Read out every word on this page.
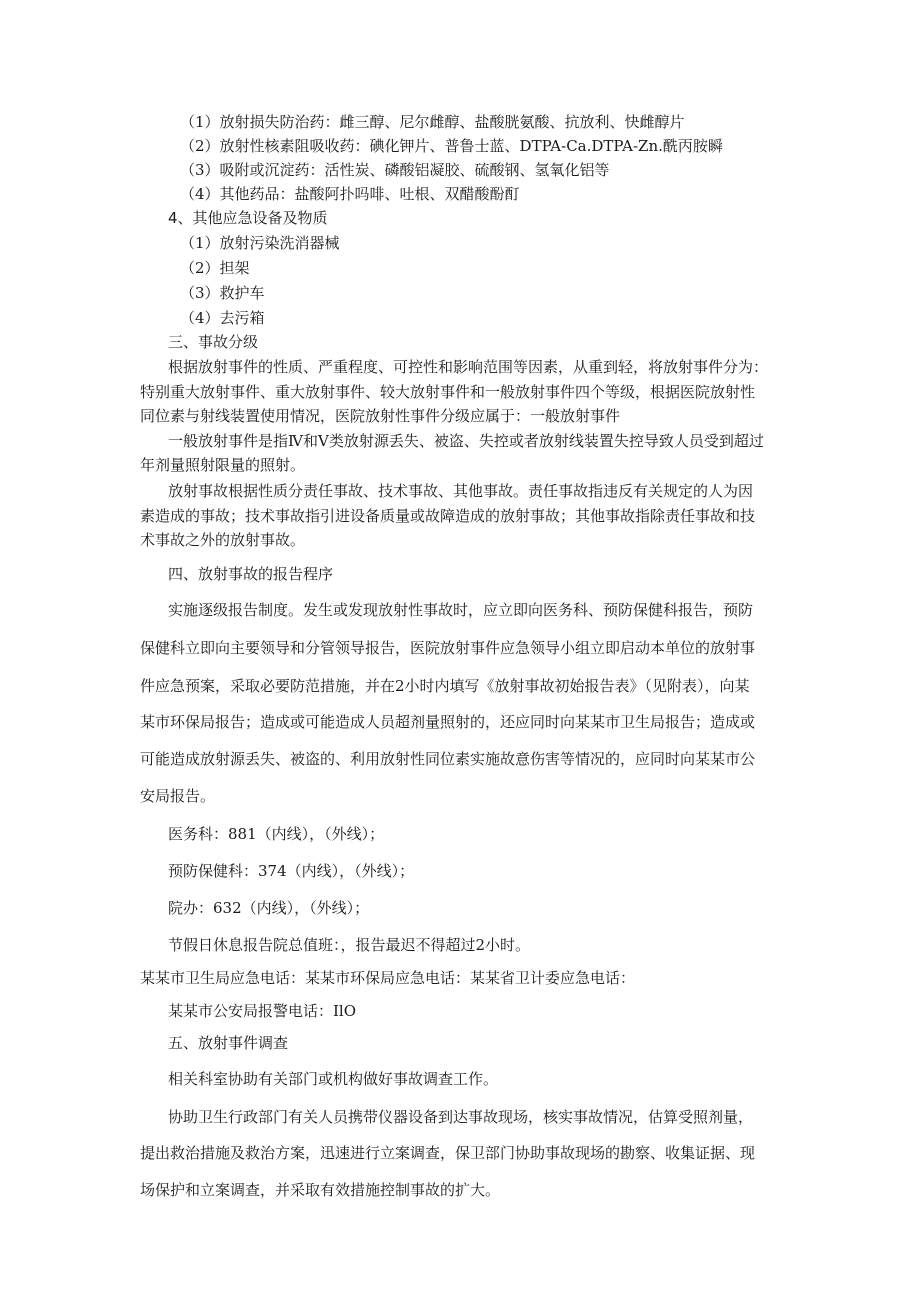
（1）放射损失防治药：雌三醇、尼尔雌醇、盐酸胱氨酸、抗放利、快雌醇片
（2）放射性核素阻吸收药：碘化钾片、普鲁士蓝、DTPA-Ca.DTPA-Zn.酰丙胺瞬
（3）吸附或沉淀药：活性炭、磷酸铝凝胶、硫酸钢、氢氧化铝等
（4）其他药品：盐酸阿扑吗啡、吐根、双醋酸酚酊
4、其他应急设备及物质
（1）放射污染洗消器械
（2）担架
（3）救护车
（4）去污箱
三、事故分级
根据放射事件的性质、严重程度、可控性和影响范围等因素，从重到轻，将放射事件分为：
特别重大放射事件、重大放射事件、较大放射事件和一般放射事件四个等级，根据医院放射性
同位素与射线装置使用情况，医院放射性事件分级应属于：一般放射事件
一般放射事件是指Ⅳ和Ⅴ类放射源丢失、被盗、失控或者放射线装置失控导致人员受到超过
年剂量照射限量的照射。
放射事故根据性质分责任事故、技术事故、其他事故。责任事故指违反有关规定的人为因
素造成的事故；技术事故指引进设备质量或故障造成的放射事故；其他事故指除责任事故和技
术事故之外的放射事故。
四、放射事故的报告程序
实施逐级报告制度。发生或发现放射性事故时，应立即向医务科、预防保健科报告，预防
保健科立即向主要领导和分管领导报告，医院放射事件应急领导小组立即启动本单位的放射事
件应急预案，采取必要防范措施，并在2小时内填写《放射事故初始报告表》（见附表），向某
某市环保局报告；造成或可能造成人员超剂量照射的，还应同时向某某市卫生局报告；造成或
可能造成放射源丢失、被盗的、利用放射性同位素实施故意伤害等情况的，应同时向某某市公
安局报告。
医务科：881（内线），（外线）；
预防保健科：374（内线），（外线）；
院办：632（内线），（外线）；
节假日休息报告院总值班：，报告最迟不得超过2小时。
某某市卫生局应急电话：某某市环保局应急电话：某某省卫计委应急电话：
某某市公安局报警电话：IlO
五、放射事件调查
相关科室协助有关部门或机构做好事故调查工作。
协助卫生行政部门有关人员携带仪器设备到达事故现场，核实事故情况，估算受照剂量，
提出救治措施及救治方案，迅速进行立案调查，保卫部门协助事故现场的勘察、收集证据、现
场保护和立案调查，并采取有效措施控制事故的扩大。
